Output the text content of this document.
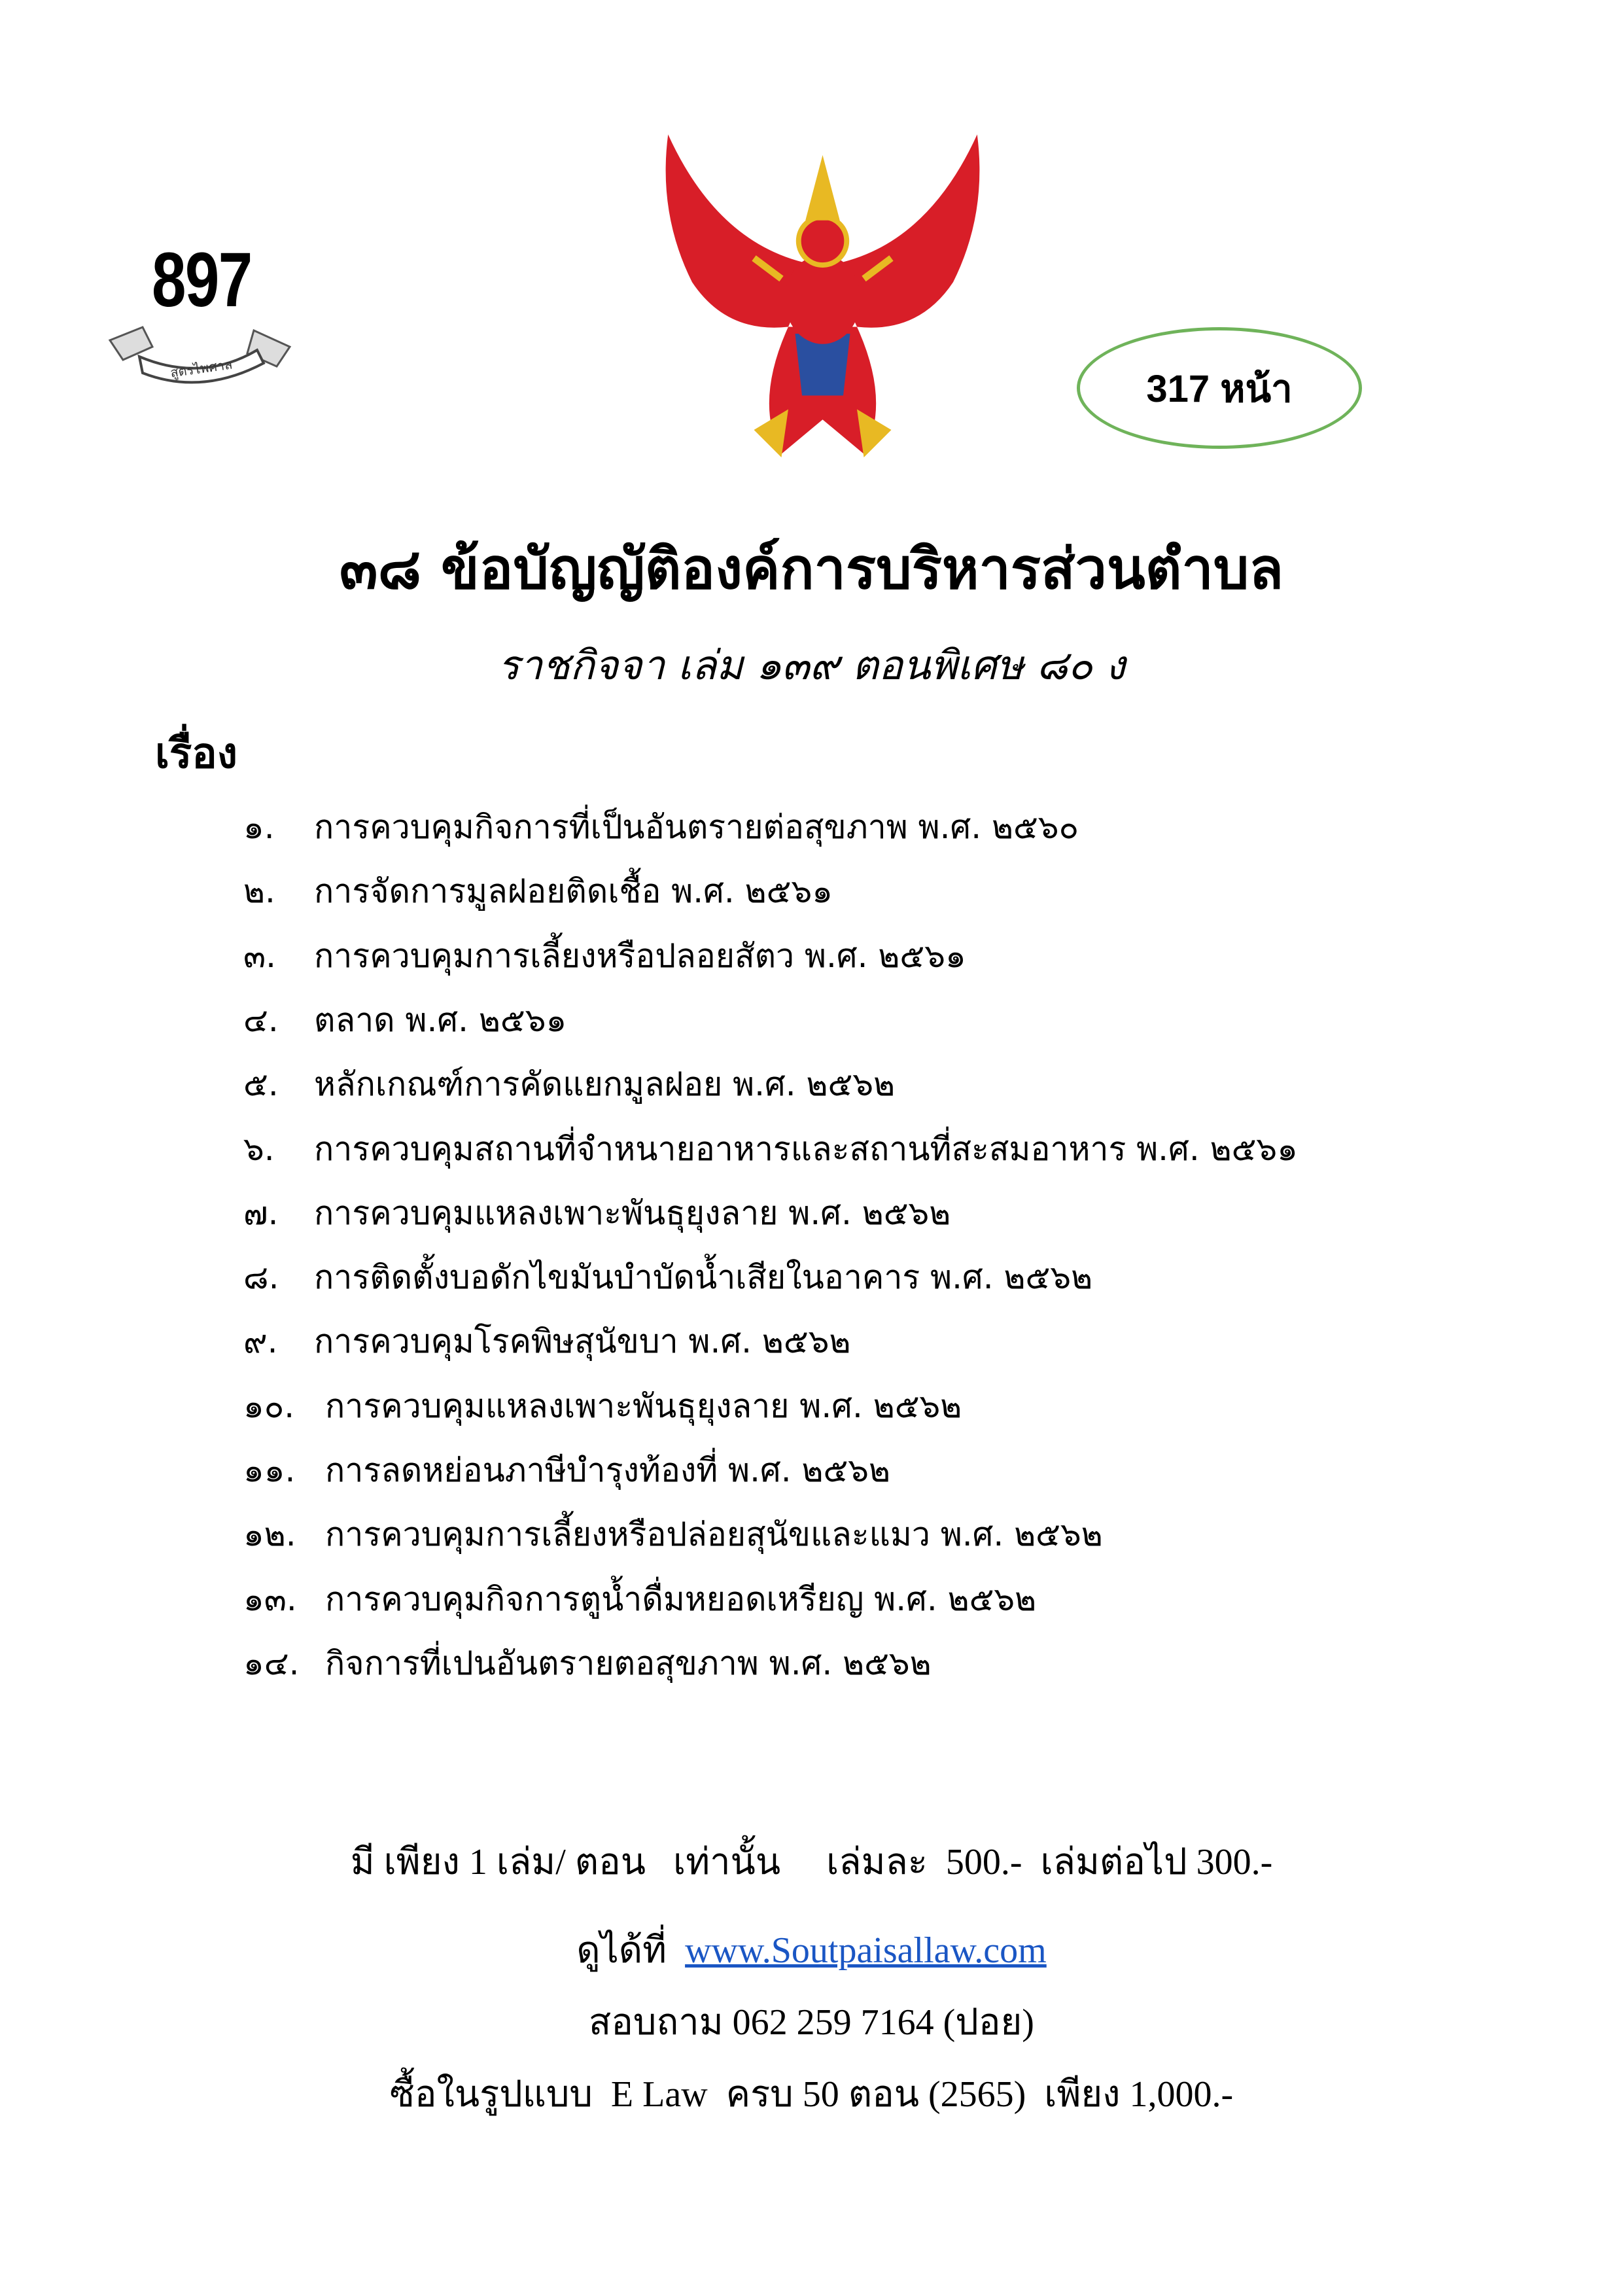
897
สูตรไพศาล	317 หน้า
๓๘ ข้อบัญญัติองค์การบริหารส่วนตำบล
ราชกิจจา เล่ม ๑๓๙ ตอนพิเศษ ๘๐ ง
เรื่อง
๑. การควบคุมกิจการที่เป็นอันตรายต่อสุขภาพ พ.ศ. ๒๕๖๐
๒. การจัดการมูลฝอยติดเชื้อ พ.ศ. ๒๕๖๑
๓. การควบคุมการเลี้ยงหรือปลอยสัตว พ.ศ. ๒๕๖๑
๔. ตลาด พ.ศ. ๒๕๖๑
๕. หลักเกณฑ์การคัดแยกมูลฝอย พ.ศ. ๒๕๖๒
๖. การควบคุมสถานที่จำหนายอาหารและสถานที่สะสมอาหาร พ.ศ. ๒๕๖๑
๗. การควบคุมแหลงเพาะพันธุยุงลาย พ.ศ. ๒๕๖๒
๘. การติดตั้งบอดักไขมันบำบัดน้ำเสียในอาคาร พ.ศ. ๒๕๖๒
๙. การควบคุมโรคพิษสุนัขบา พ.ศ. ๒๕๖๒
๑๐. การควบคุมแหลงเพาะพันธุยุงลาย พ.ศ. ๒๕๖๒
๑๑. การลดหย่อนภาษีบำรุงท้องที่ พ.ศ. ๒๕๖๒
๑๒. การควบคุมการเลี้ยงหรือปล่อยสุนัขและแมว พ.ศ. ๒๕๖๒
๑๓. การควบคุมกิจการตูน้ำดื่มหยอดเหรียญ พ.ศ. ๒๕๖๒
๑๔. กิจการที่เปนอันตรายตอสุขภาพ พ.ศ. ๒๕๖๒
มี เพียง 1 เล่ม/ ตอน   เท่านั้น     เล่มละ  500.-  เล่มต่อไป 300.-
ดูได้ที่  www.Soutpaisallaw.com
สอบถาม 062 259 7164 (ปอย)
ซื้อในรูปแบบ  E Law  ครบ 50 ตอน (2565)  เพียง 1,000.-
